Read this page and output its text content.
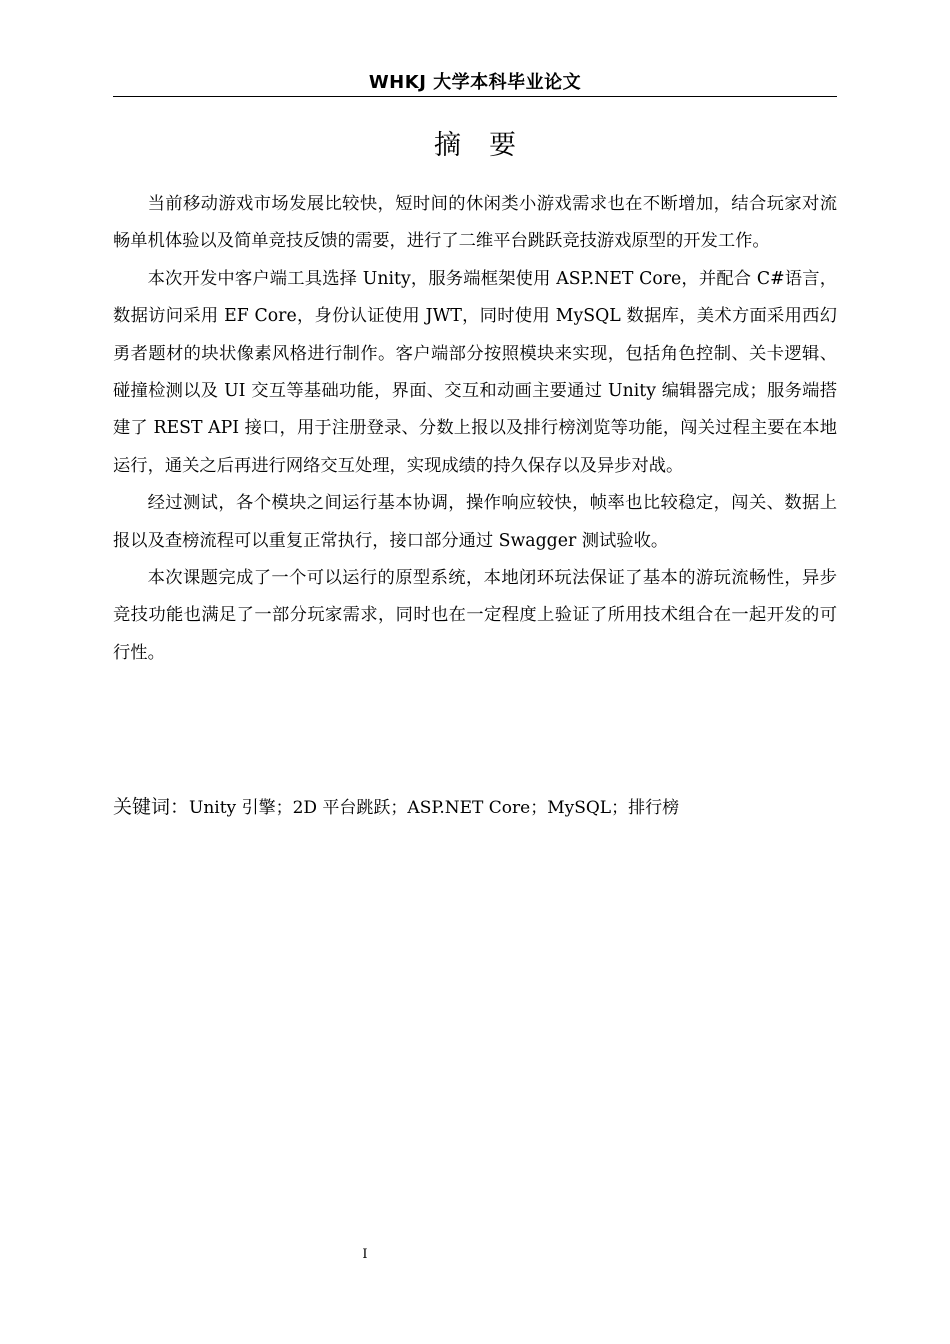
WHKJ 大学本科毕业论文
摘要

当前移动游戏市场发展比较快，短时间的休闲类小游戏需求也在不断增加，结合玩家对流畅单机体验以及简单竞技反馈的需要，进行了二维平台跳跃竞技游戏原型的开发工作。

本次开发中客户端工具选择 Unity，服务端框架使用 ASP.NET Core，并配合 C#语言，数据访问采用 EF Core，身份认证使用 JWT，同时使用 MySQL 数据库，美术方面采用西幻勇者题材的块状像素风格进行制作。客户端部分按照模块来实现，包括角色控制、关卡逻辑、碰撞检测以及 UI 交互等基础功能，界面、交互和动画主要通过 Unity 编辑器完成；服务端搭建了 REST API 接口，用于注册登录、分数上报以及排行榜浏览等功能，闯关过程主要在本地运行，通关之后再进行网络交互处理，实现成绩的持久保存以及异步对战。

经过测试，各个模块之间运行基本协调，操作响应较快，帧率也比较稳定，闯关、数据上报以及查榜流程可以重复正常执行，接口部分通过 Swagger 测试验收。

本次课题完成了一个可以运行的原型系统，本地闭环玩法保证了基本的游玩流畅性，异步竞技功能也满足了一部分玩家需求，同时也在一定程度上验证了所用技术组合在一起开发的可行性。

关键词：Unity 引擎；2D 平台跳跃；ASP.NET Core；MySQL；排行榜

I
